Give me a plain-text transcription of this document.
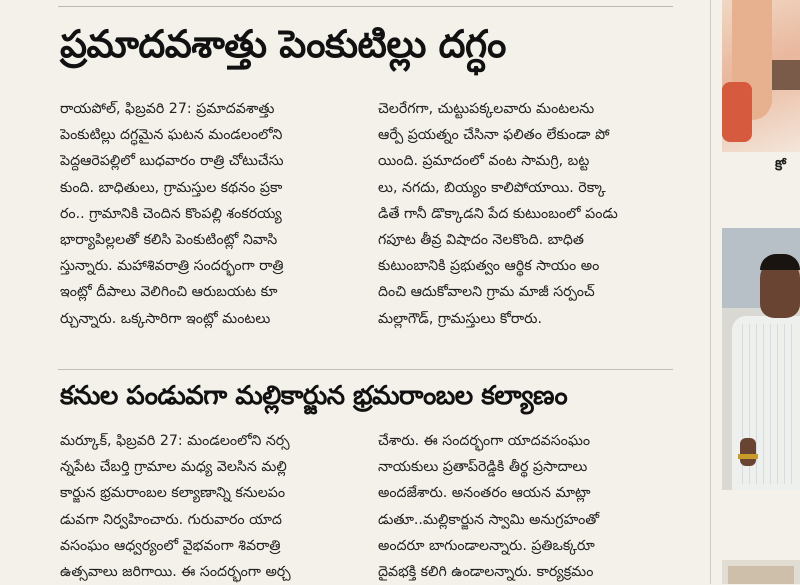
ప్రమాదవశాత్తు పెంకుటిల్లు దగ్ధం

రాయపోల్, ఫిబ్రవరి 27: ప్రమాదవశాత్తు

పెంకుటిల్లు దగ్ధమైన ఘటన మండలంలోని

పెద్దఆరెపల్లిలో బుధవారం రాత్రి చోటుచేసు

కుంది. బాధితులు, గ్రామస్తుల కథనం ప్రకా

రం.. గ్రామానికి చెందిన కొంపల్లి శంకరయ్య

భార్యాపిల్లలతో కలిసి పెంకుటింట్లో నివాసి

స్తున్నారు. మహాశివరాత్రి సందర్భంగా రాత్రి

ఇంట్లో దీపాలు వెలిగించి ఆరుబయట కూ

ర్చున్నారు. ఒక్కసారిగా ఇంట్లో మంటలు

చెలరేగగా, చుట్టుపక్కలవారు మంటలను

ఆర్పే ప్రయత్నం చేసినా ఫలితం లేకుండా పో

యింది. ప్రమాదంలో వంట సామగ్రి, బట్ట

లు, నగదు, బియ్యం కాలిపోయాయి. రెక్కా

డితే గానీ డొక్కాడని పేద కుటుంబంలో పండు

గపూట తీవ్ర విషాదం నెలకొంది. బాధిత

కుటుంబానికి ప్రభుత్వం ఆర్థిక సాయం అం

దించి ఆదుకోవాలని గ్రామ మాజీ సర్పంచ్

మల్లాగౌడ్, గ్రామస్తులు కోరారు.

కనుల పండువగా మల్లికార్జున భ్రమరాంబల కల్యాణం

మర్కూక్, ఫిబ్రవరి 27: మండలంలోని నర్స

న్నపేట చేబర్తి గ్రామాల మధ్య వెలసిన మల్లి

కార్జున భ్రమరాంబల కల్యాణాన్ని కనులపం

డువగా నిర్వహించారు. గురువారం యాద

వసంఘం ఆధ్వర్యంలో వైభవంగా శివరాత్రి

ఉత్సవాలు జరిగాయి. ఈ సందర్భంగా అర్చ

చేశారు. ఈ సందర్భంగా యాదవసంఘం

నాయకులు ప్రతాప్‌రెడ్డికి తీర్థ ప్రసాదాలు

అందజేశారు. అనంతరం ఆయన మాట్లా

డుతూ..మల్లికార్జున స్వామి అనుగ్రహంతో

అందరూ బాగుండాలన్నారు. ప్రతిఒక్కరూ

దైవభక్తి కలిగి ఉండాలన్నారు. కార్యక్రమం

కో
